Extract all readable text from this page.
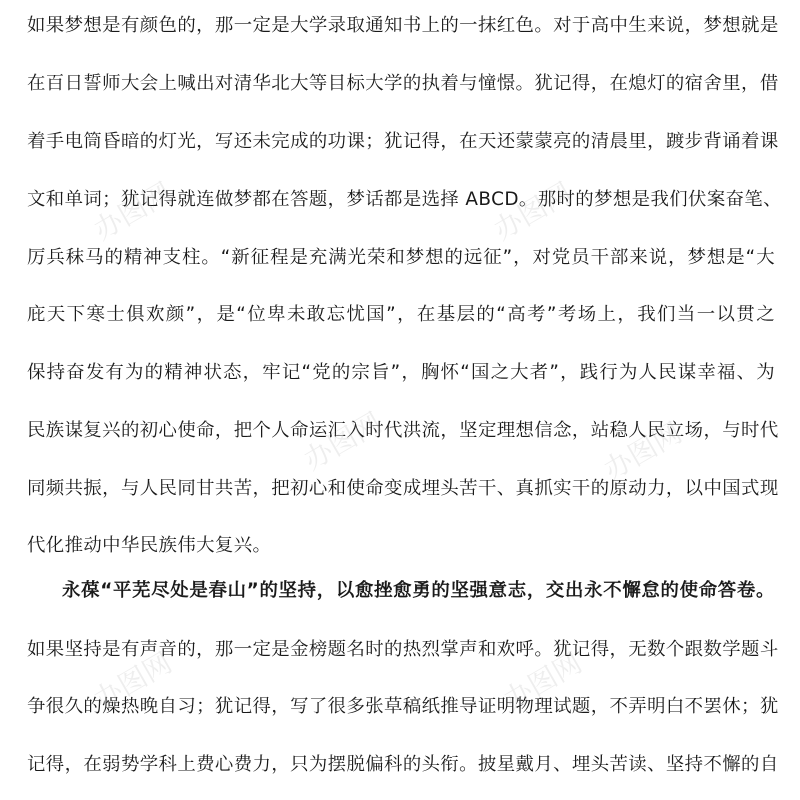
如果梦想是有颜色的，那一定是大学录取通知书上的一抹红色。对于高中生来说，梦想就是
在百日誓师大会上喊出对清华北大等目标大学的执着与憧憬。犹记得，在熄灯的宿舍里，借
着手电筒昏暗的灯光，写还未完成的功课；犹记得，在天还蒙蒙亮的清晨里，踱步背诵着课
文和单词；犹记得就连做梦都在答题，梦话都是选择 ABCD。那时的梦想是我们伏案奋笔、
厉兵秣马的精神支柱。“新征程是充满光荣和梦想的远征”，对党员干部来说，梦想是“大
庇天下寒士俱欢颜”，是“位卑未敢忘忧国”，在基层的“高考”考场上，我们当一以贯之
保持奋发有为的精神状态，牢记“党的宗旨”，胸怀“国之大者”，践行为人民谋幸福、为
民族谋复兴的初心使命，把个人命运汇入时代洪流，坚定理想信念，站稳人民立场，与时代
同频共振，与人民同甘共苦，把初心和使命变成埋头苦干、真抓实干的原动力，以中国式现
代化推动中华民族伟大复兴。
永葆“平芜尽处是春山”的坚持，以愈挫愈勇的坚强意志，交出永不懈怠的使命答卷。
如果坚持是有声音的，那一定是金榜题名时的热烈掌声和欢呼。犹记得，无数个跟数学题斗
争很久的燥热晚自习；犹记得，写了很多张草稿纸推导证明物理试题，不弄明白不罢休；犹
记得，在弱势学科上费心费力，只为摆脱偏科的头衔。披星戴月、埋头苦读、坚持不懈的自
办图网	办图网
办图网	办图网
办图网	办图网
